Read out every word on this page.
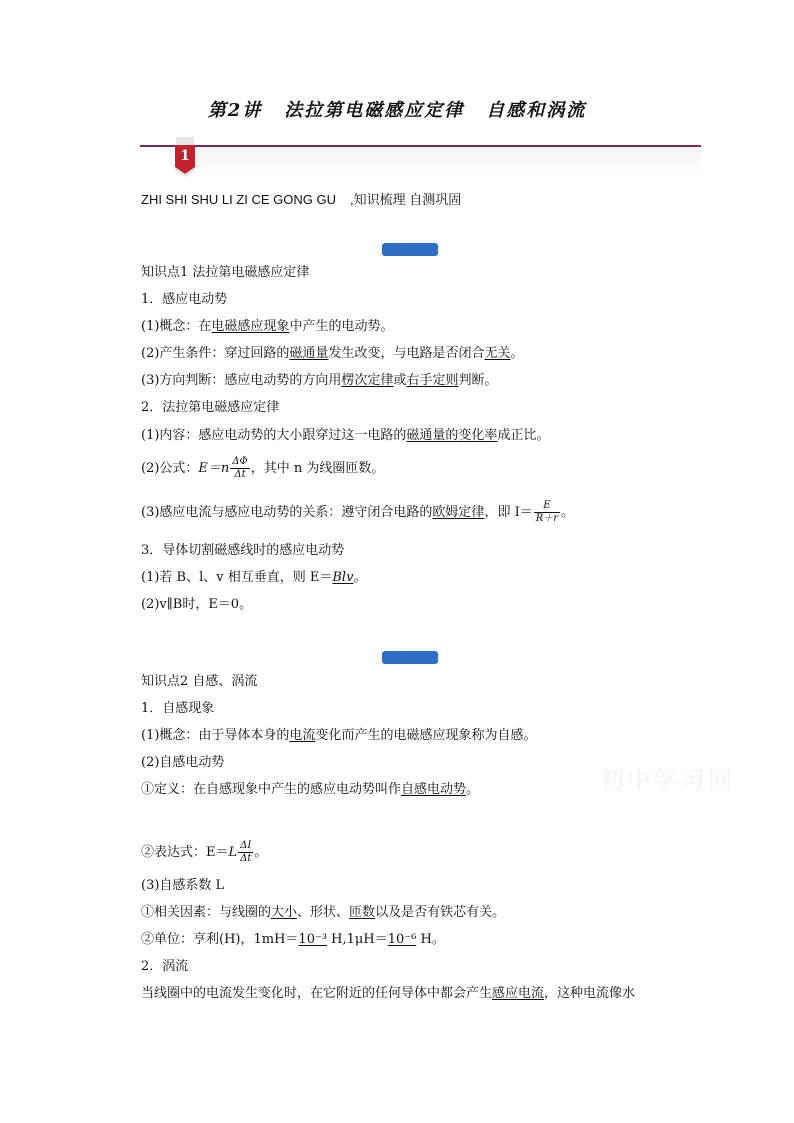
第2讲 法拉第电磁感应定律 自感和涡流
1
ZHI SHI SHU LI ZI CE GONG GU ,知识梳理 自测巩固
知识点1 法拉第电磁感应定律
1．感应电动势
(1)概念：在电磁感应现象中产生的电动势。
(2)产生条件：穿过回路的磁通量发生改变，与电路是否闭合无关。
(3)方向判断：感应电动势的方向用楞次定律或右手定则判断。
2．法拉第电磁感应定律
(1)内容：感应电动势的大小跟穿过这一电路的磁通量的变化率成正比。
(2)公式：$E=n \frac{\Delta\Phi}{\Delta t}$ ，其中 n 为线圈匝数。
(3)感应电流与感应电动势的关系：遵守闭合电路的欧姆定律，即 $I= \frac{E}{R+r}$ 。
3．导体切割磁感线时的感应电动势
(1)若 B、l、v 相互垂直，则 E＝Blv。
(2)v∥B时，E＝0。
知识点2 自感、涡流
1．自感现象
(1)概念：由于导体本身的电流变化而产生的电磁感应现象称为自感。
(2)自感电动势
①定义：在自感现象中产生的感应电动势叫作自感电动势。
②表达式：$E=L \frac{\Delta I}{\Delta t}$ 。
(3)自感系数 L
①相关因素：与线圈的大小、形状、匝数以及是否有铁芯有关。
②单位：亨利(H)，1mH＝10⁻³ H,1μH＝10⁻⁶ H。
2．涡流
当线圈中的电流发生变化时，在它附近的任何导体中都会产生感应电流，这种电流像水
初中学习网
